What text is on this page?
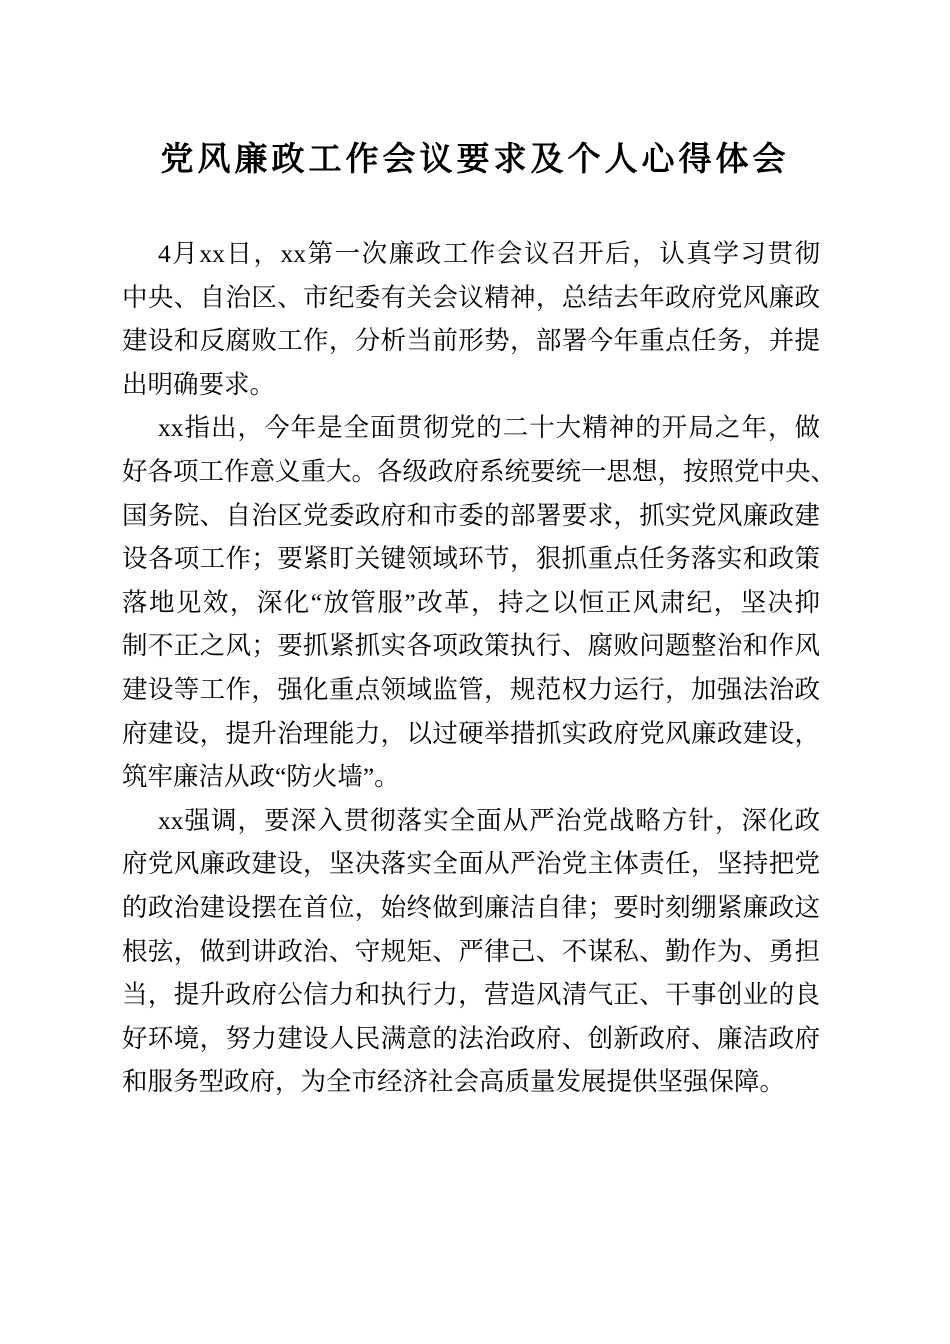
党风廉政工作会议要求及个人心得体会
4月xx日，xx第一次廉政工作会议召开后，认真学习贯彻
中央、自治区、市纪委有关会议精神，总结去年政府党风廉政
建设和反腐败工作，分析当前形势，部署今年重点任务，并提
出明确要求。
xx指出，今年是全面贯彻党的二十大精神的开局之年，做
好各项工作意义重大。各级政府系统要统一思想，按照党中央、
国务院、自治区党委政府和市委的部署要求，抓实党风廉政建
设各项工作；要紧盯关键领域环节，狠抓重点任务落实和政策
落地见效，深化“放管服”改革，持之以恒正风肃纪，坚决抑
制不正之风；要抓紧抓实各项政策执行、腐败问题整治和作风
建设等工作，强化重点领域监管，规范权力运行，加强法治政
府建设，提升治理能力，以过硬举措抓实政府党风廉政建设，
筑牢廉洁从政“防火墙”。
xx强调，要深入贯彻落实全面从严治党战略方针，深化政
府党风廉政建设，坚决落实全面从严治党主体责任，坚持把党
的政治建设摆在首位，始终做到廉洁自律；要时刻绷紧廉政这
根弦，做到讲政治、守规矩、严律己、不谋私、勤作为、勇担
当，提升政府公信力和执行力，营造风清气正、干事创业的良
好环境，努力建设人民满意的法治政府、创新政府、廉洁政府
和服务型政府，为全市经济社会高质量发展提供坚强保障。
